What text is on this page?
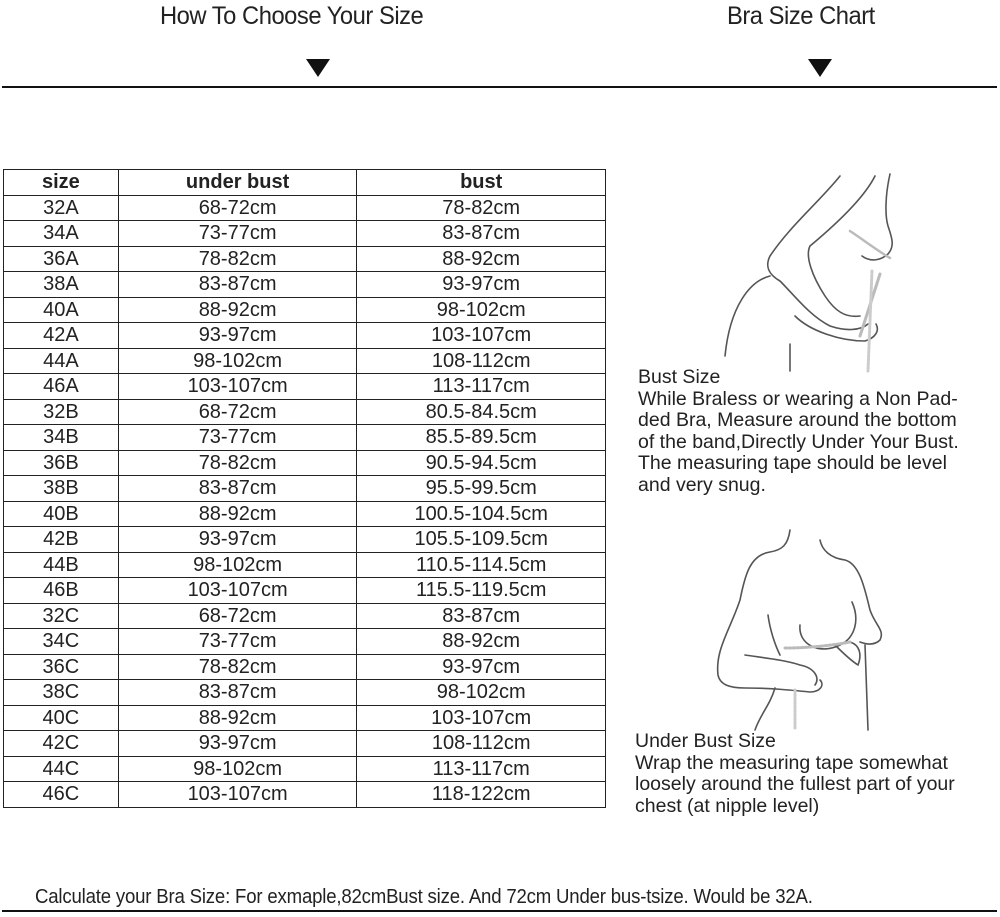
How To Choose Your Size	Bra Size Chart
size	under bust	bust
32A	68-72cm	78-82cm
34A	73-77cm	83-87cm
36A	78-82cm	88-92cm
38A	83-87cm	93-97cm
40A	88-92cm	98-102cm
42A	93-97cm	103-107cm
44A	98-102cm	108-112cm
46A	103-107cm	113-117cm
32B	68-72cm	80.5-84.5cm
34B	73-77cm	85.5-89.5cm
36B	78-82cm	90.5-94.5cm
38B	83-87cm	95.5-99.5cm
40B	88-92cm	100.5-104.5cm
42B	93-97cm	105.5-109.5cm
44B	98-102cm	110.5-114.5cm
46B	103-107cm	115.5-119.5cm
32C	68-72cm	83-87cm
34C	73-77cm	88-92cm
36C	78-82cm	93-97cm
38C	83-87cm	98-102cm
40C	88-92cm	103-107cm
42C	93-97cm	108-112cm
44C	98-102cm	113-117cm
46C	103-107cm	118-122cm
Bust Size
While Braless or wearing a Non Pad-
ded Bra, Measure around the bottom
of the band,Directly Under Your Bust.
The measuring tape should be level
and very snug.
Under Bust Size
Wrap the measuring tape somewhat
loosely around the fullest part of your
chest (at nipple level)
Calculate your Bra Size: For exmaple,82cmBust size. And 72cm Under bus-tsize. Would be 32A.
